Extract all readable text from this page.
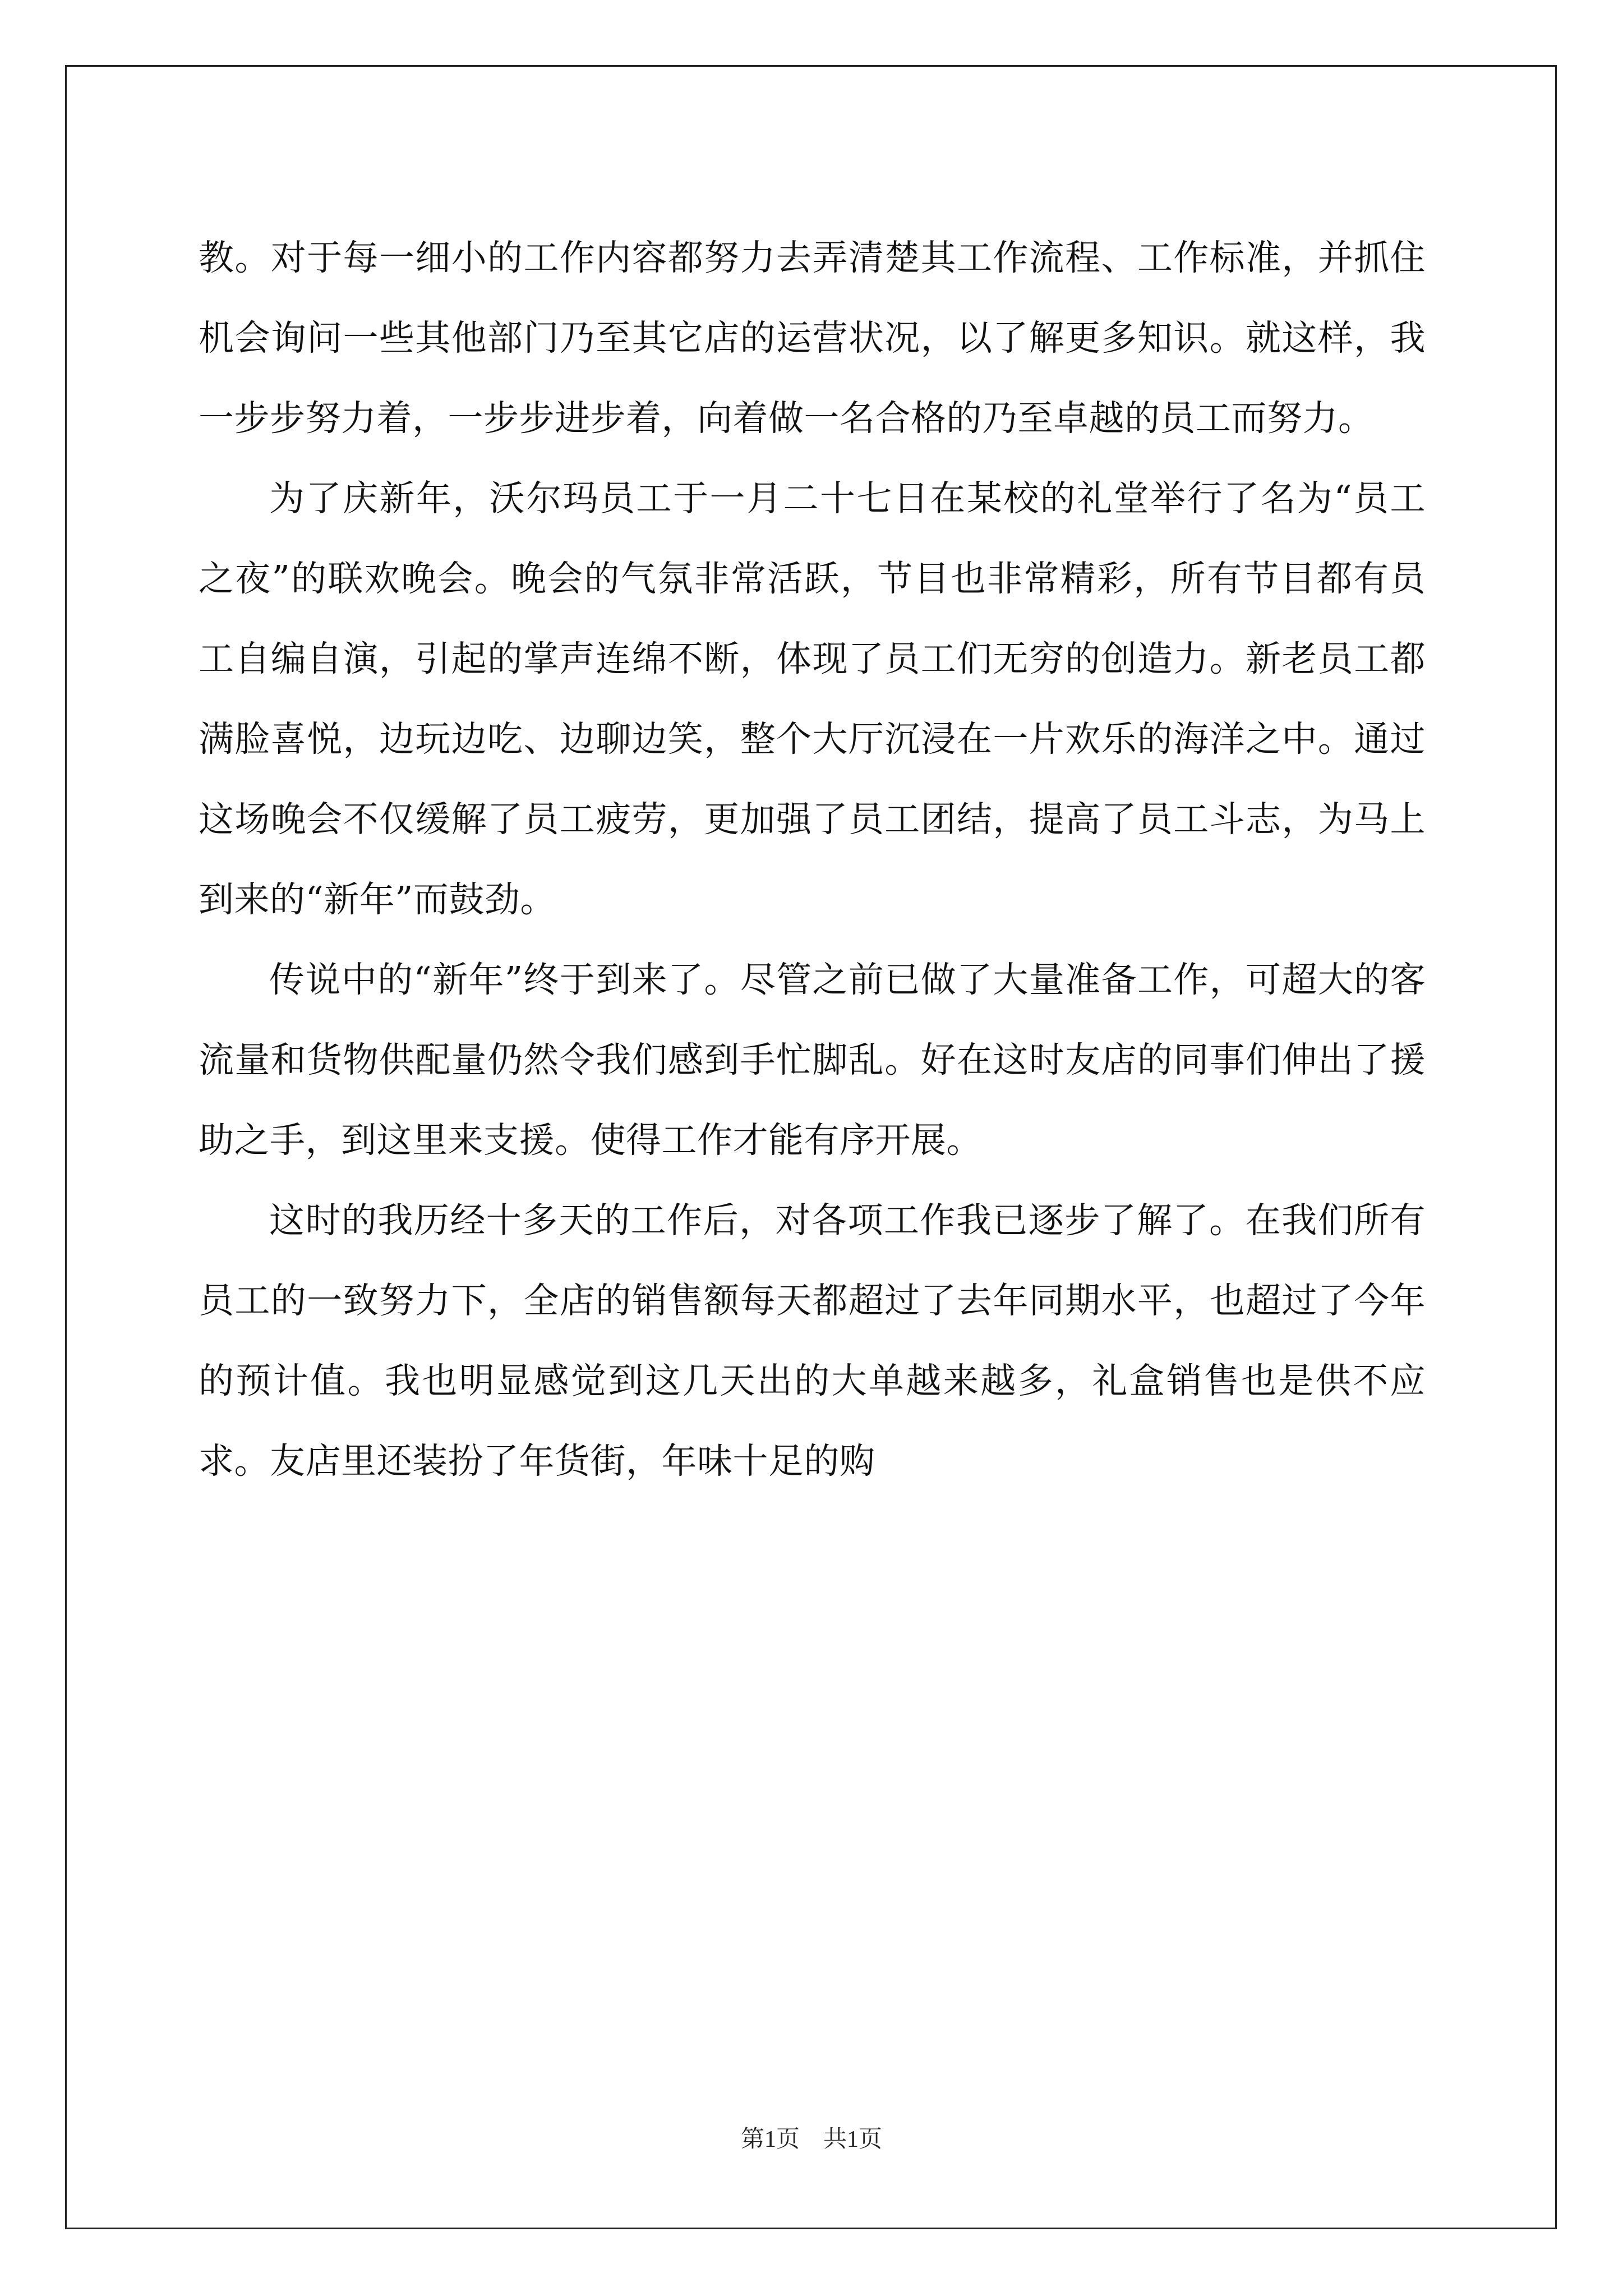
教。对于每一细小的工作内容都努力去弄清楚其工作流程、工作标准，并抓住机会询问一些其他部门乃至其它店的运营状况，以了解更多知识。就这样，我一步步努力着，一步步进步着，向着做一名合格的乃至卓越的员工而努力。

为了庆新年，沃尔玛员工于一月二十七日在某校的礼堂举行了名为“员工之夜”的联欢晚会。晚会的气氛非常活跃，节目也非常精彩，所有节目都有员工自编自演，引起的掌声连绵不断，体现了员工们无穷的创造力。新老员工都满脸喜悦，边玩边吃、边聊边笑，整个大厅沉浸在一片欢乐的海洋之中。通过这场晚会不仅缓解了员工疲劳，更加强了员工团结，提高了员工斗志，为马上到来的“新年”而鼓劲。

传说中的“新年”终于到来了。尽管之前已做了大量准备工作，可超大的客流量和货物供配量仍然令我们感到手忙脚乱。好在这时友店的同事们伸出了援助之手，到这里来支援。使得工作才能有序开展。

这时的我历经十多天的工作后，对各项工作我已逐步了解了。在我们所有员工的一致努力下，全店的销售额每天都超过了去年同期水平，也超过了今年的预计值。我也明显感觉到这几天出的大单越来越多，礼盒销售也是供不应求。友店里还装扮了年货街，年味十足的购

第1页　共1页
